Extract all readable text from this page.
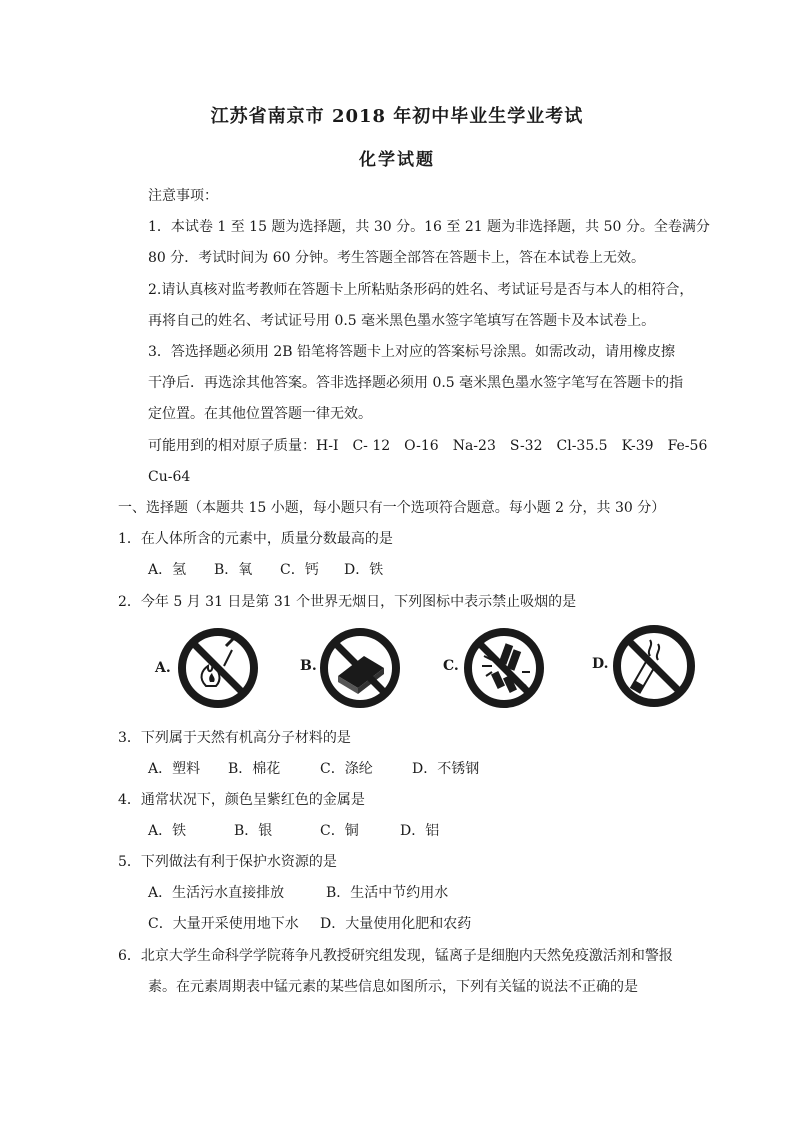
江苏省南京市 2018 年初中毕业生学业考试
化学试题
注意事项：
1．本试卷 1 至 15 题为选择题，共 30 分。16 至 21 题为非选择题，共 50 分。全卷满分
80 分．考试时间为 60 分钟。考生答题全部答在答题卡上，答在本试卷上无效。
2.请认真核对监考教师在答题卡上所粘贴条形码的姓名、考试证号是否与本人的相符合，
再将自己的姓名、考试证号用 0.5 毫米黑色墨水签字笔填写在答题卡及本试卷上。
3．答选择题必须用 2B 铅笔将答题卡上对应的答案标号涂黑。如需改动，请用橡皮擦
干净后．再选涂其他答案。答非选择题必须用 0.5 毫米黑色墨水签字笔写在答题卡的指
定位置。在其他位置答题一律无效。
可能用到的相对原子质量：H-I　C- 12　O-16　Na-23　S-32　Cl-35.5　K-39　Fe-56
Cu-64
一、选择题（本题共 15 小题，每小题只有一个选项符合题意。每小题 2 分，共 30 分）
1．在人体所含的元素中，质量分数最高的是
A．氢 B．氧 C．钙 D．铁
2．今年 5 月 31 日是第 31 个世界无烟日，下列图标中表示禁止吸烟的是
A.	B.	C.	D.
3．下列属于天然有机高分子材料的是
A．塑料 B．棉花	C．涤纶	D．不锈钢
4．通常状况下，颜色呈紫红色的金属是
A．铁	B．银	C．铜	D．铝
5．下列做法有利于保护水资源的是
A．生活污水直接排放	B．生活中节约用水
C．大量开采使用地下水 D．大量使用化肥和农药
6．北京大学生命科学学院蒋争凡教授研究组发现，锰离子是细胞内天然免疫激活剂和警报
素。在元素周期表中锰元素的某些信息如图所示，下列有关锰的说法不正确的是
